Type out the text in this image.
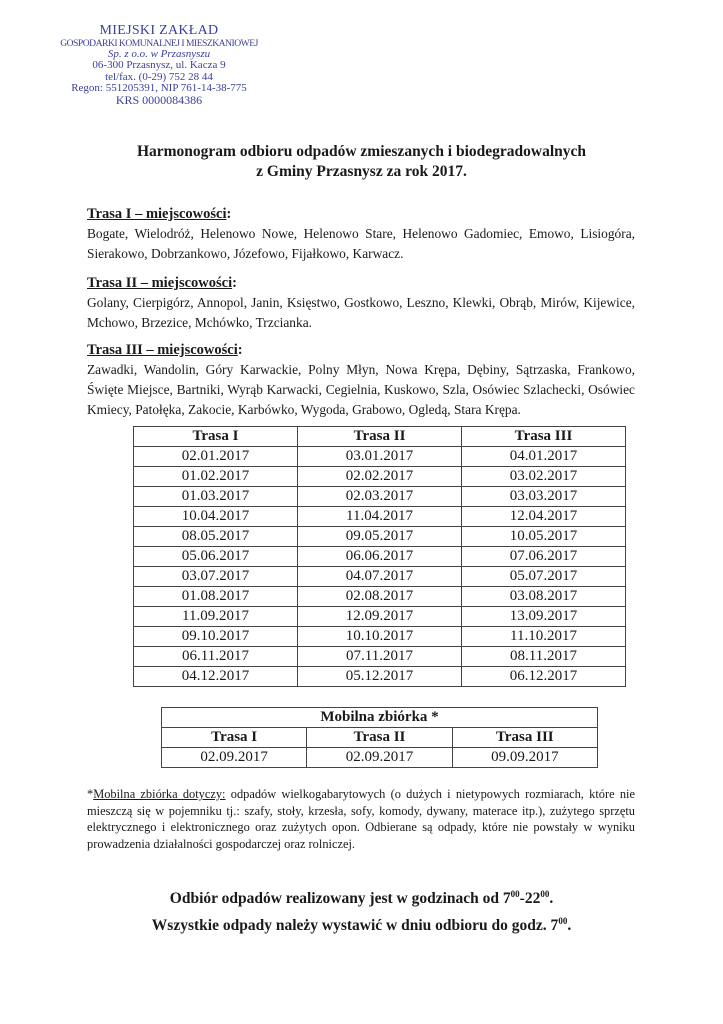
MIEJSKI ZAKŁAD
GOSPODARKI KOMUNALNEJ I MIESZKANIOWEJ
Sp. z o.o. w Przasnyszu
06-300 Przasnysz, ul. Kacza 9
tel/fax. (0-29) 752 28 44
Regon: 551205391, NIP 761-14-38-775
KRS 0000084386
Harmonogram odbioru odpadów zmieszanych i biodegradowalnych
z Gminy Przasnysz za rok 2017.
Trasa I – miejscowości:
Bogate, Wielodróż, Helenowo Nowe, Helenowo Stare, Helenowo Gadomiec, Emowo, Lisiogóra, Sierakowo, Dobrzankowo, Józefowo, Fijałkowo, Karwacz.
Trasa II – miejscowości:
Golany, Cierpigórz, Annopol, Janin, Księstwo, Gostkowo, Leszno, Klewki, Obrąb, Mirów, Kijewice, Mchowo, Brzezice, Mchówko, Trzcianka.
Trasa III – miejscowości:
Zawadki, Wandolin, Góry Karwackie, Polny Młyn, Nowa Krępa, Dębiny, Sątrzaska, Frankowo, Święte Miejsce, Bartniki, Wyrąb Karwacki, Cegielnia, Kuskowo, Szla, Osówiec Szlachecki, Osówiec Kmiecy, Patołęka, Zakocie, Karbówko, Wygoda, Grabowo, Ogledą, Stara Krępa.
Trasa I	Trasa II	Trasa III
02.01.2017	03.01.2017	04.01.2017
01.02.2017	02.02.2017	03.02.2017
01.03.2017	02.03.2017	03.03.2017
10.04.2017	11.04.2017	12.04.2017
08.05.2017	09.05.2017	10.05.2017
05.06.2017	06.06.2017	07.06.2017
03.07.2017	04.07.2017	05.07.2017
01.08.2017	02.08.2017	03.08.2017
11.09.2017	12.09.2017	13.09.2017
09.10.2017	10.10.2017	11.10.2017
06.11.2017	07.11.2017	08.11.2017
04.12.2017	05.12.2017	06.12.2017
Mobilna zbiórka *		
Trasa I	Trasa II	Trasa III
02.09.2017	02.09.2017	09.09.2017
*Mobilna zbiórka dotyczy: odpadów wielkogabarytowych (o dużych i nietypowych rozmiarach, które nie mieszczą się w pojemniku tj.: szafy, stoły, krzesła, sofy, komody, dywany, materace itp.), zużytego sprzętu elektrycznego i elektronicznego oraz zużytych opon. Odbierane są odpady, które nie powstały w wyniku prowadzenia działalności gospodarczej oraz rolniczej.
Odbiór odpadów realizowany jest w godzinach od $7^{00}-22^{00}$.
Wszystkie odpady należy wystawić w dniu odbioru do godz. $7^{00}$.
